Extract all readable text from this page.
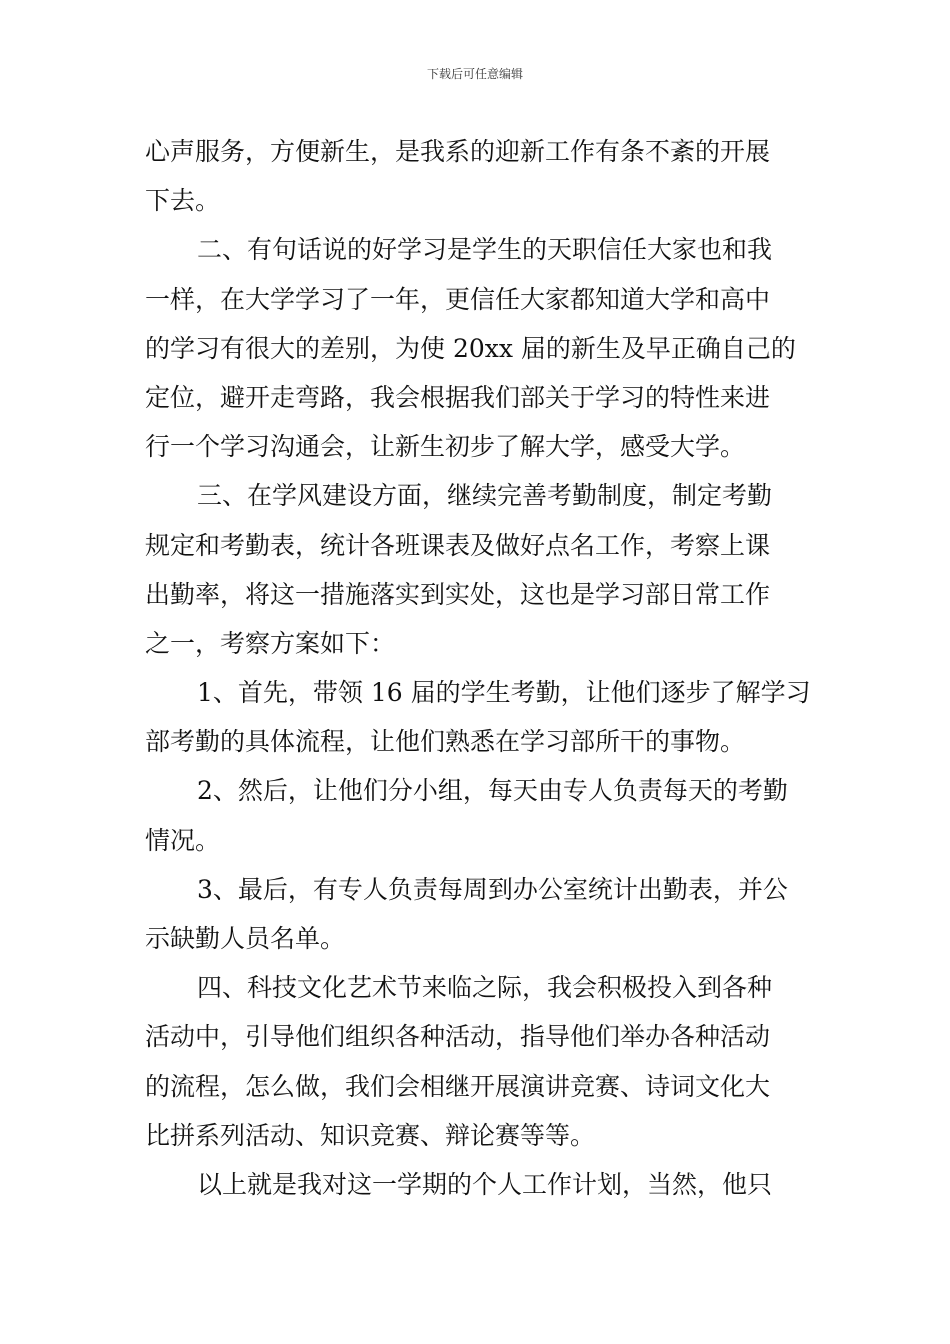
下载后可任意编辑
心声服务，方便新生，是我系的迎新工作有条不紊的开展
下去。
二、有句话说的好学习是学生的天职信任大家也和我
一样，在大学学习了一年，更信任大家都知道大学和高中
的学习有很大的差别，为使 20xx 届的新生及早正确自己的
定位，避开走弯路，我会根据我们部关于学习的特性来进
行一个学习沟通会，让新生初步了解大学，感受大学。
三、在学风建设方面，继续完善考勤制度，制定考勤
规定和考勤表，统计各班课表及做好点名工作，考察上课
出勤率，将这一措施落实到实处，这也是学习部日常工作
之一，考察方案如下：
1、首先，带领 16 届的学生考勤，让他们逐步了解学习
部考勤的具体流程，让他们熟悉在学习部所干的事物。
2、然后，让他们分小组，每天由专人负责每天的考勤
情况。
3、最后，有专人负责每周到办公室统计出勤表，并公
示缺勤人员名单。
四、科技文化艺术节来临之际，我会积极投入到各种
活动中，引导他们组织各种活动，指导他们举办各种活动
的流程，怎么做，我们会相继开展演讲竞赛、诗词文化大
比拼系列活动、知识竞赛、辩论赛等等。
以上就是我对这一学期的个人工作计划，当然，他只
